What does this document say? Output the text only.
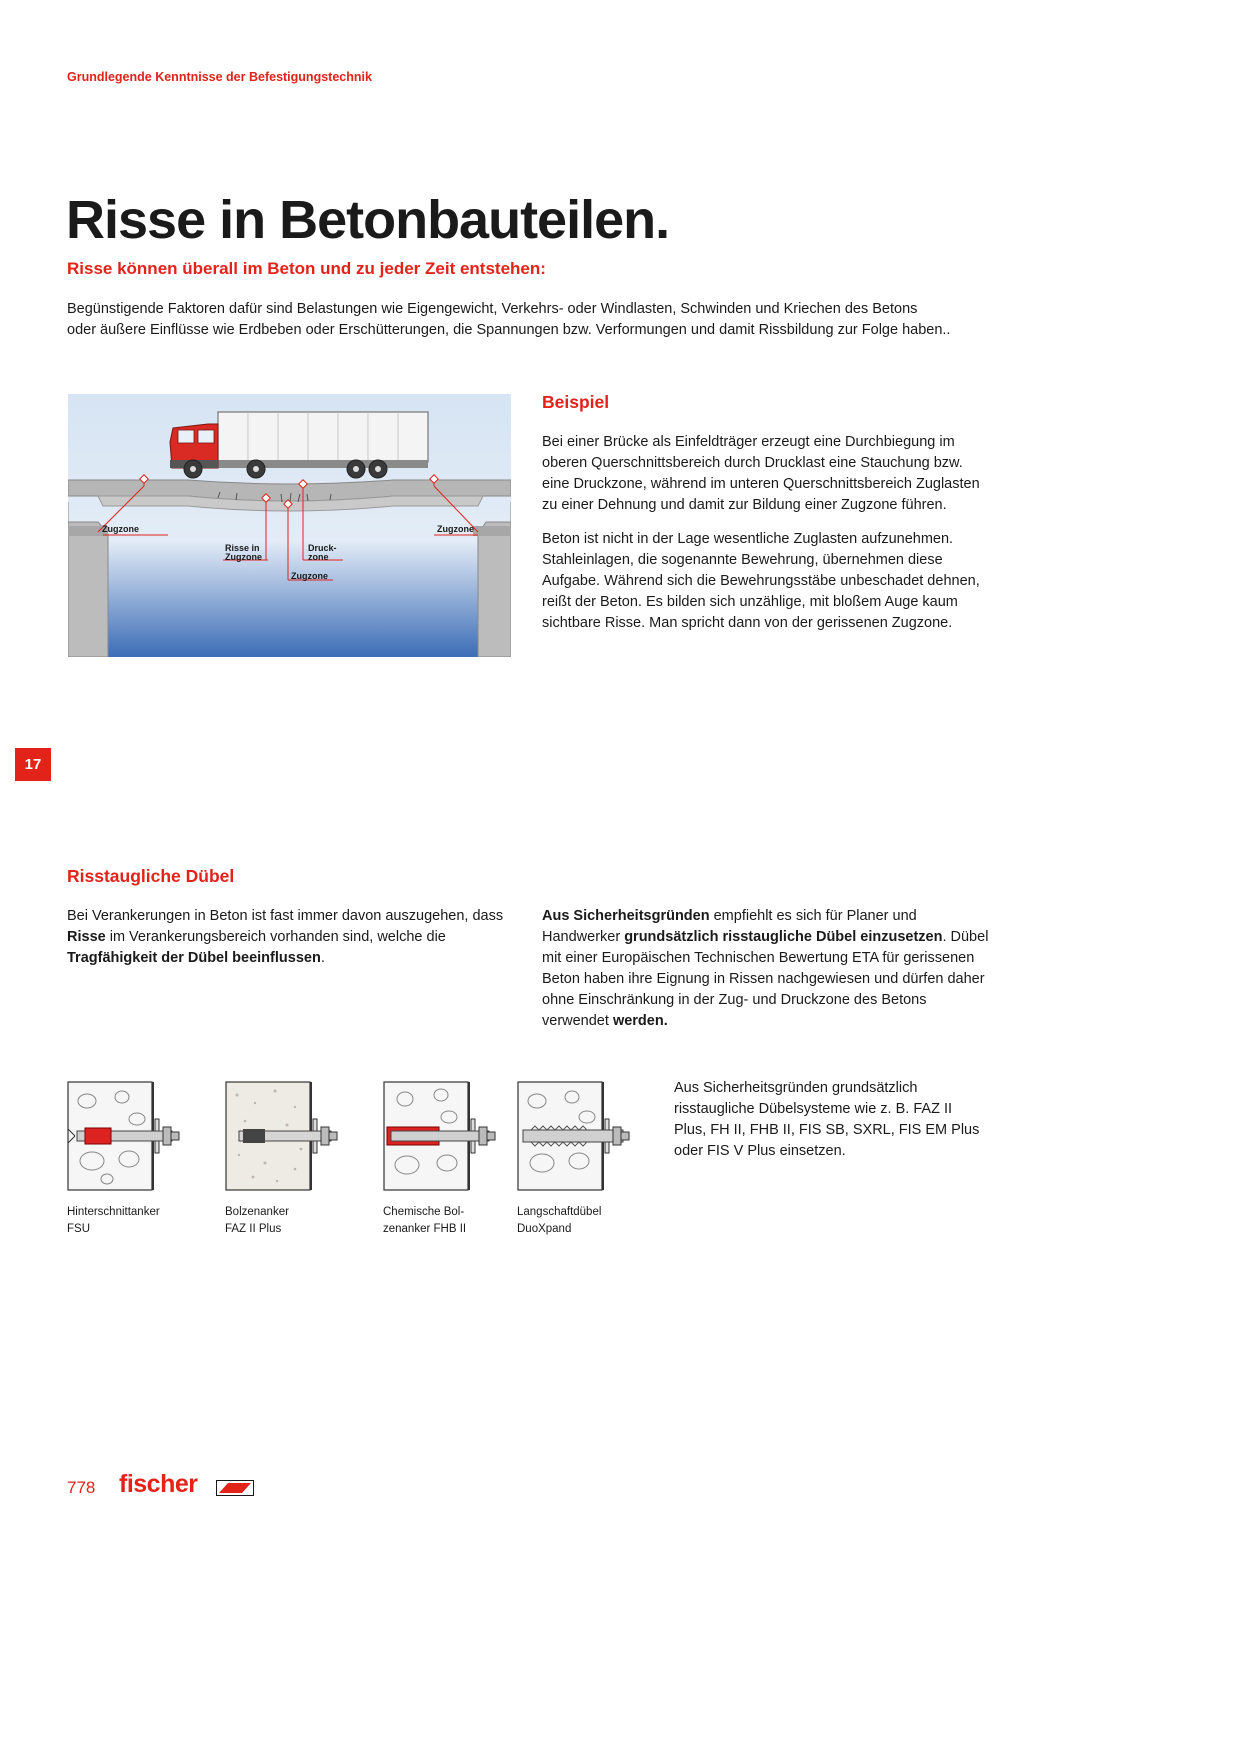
Grundlegende Kenntnisse der Befestigungstechnik
Risse in Betonbauteilen.
Risse können überall im Beton und zu jeder Zeit entstehen:
Begünstigende Faktoren dafür sind Belastungen wie Eigengewicht, Verkehrs- oder Windlasten, Schwinden und Kriechen des Betons
oder äußere Einflüsse wie Erdbeben oder Erschütterungen, die Spannungen bzw. Verformungen und damit Rissbildung zur Folge haben..
Zugzone	Zugzone
Risse in
Zugzone
Druck-
zone
Zugzone
Beispiel

Bei einer Brücke als Einfeldträger erzeugt eine Durchbiegung im oberen Querschnittsbereich durch Drucklast eine Stauchung bzw. eine Druckzone, während im unteren Querschnittsbereich Zuglasten zu einer Dehnung und damit zur Bildung einer Zugzone führen.

Beton ist nicht in der Lage wesentliche Zuglasten aufzunehmen. Stahleinlagen, die sogenannte Bewehrung, übernehmen diese Aufgabe. Während sich die Bewehrungsstäbe unbeschadet dehnen, reißt der Beton. Es bilden sich unzählige, mit bloßem Auge kaum sichtbare Risse. Man spricht dann von der gerissenen Zugzone.

17
Risstaugliche Dübel
Bei Verankerungen in Beton ist fast immer davon auszugehen, dass Risse im Verankerungsbereich vorhanden sind, welche die Tragfähigkeit der Dübel beeinflussen.
Aus Sicherheitsgründen empfiehlt es sich für Planer und Handwerker grundsätzlich risstaugliche Dübel einzusetzen. Dübel mit einer Europäischen Technischen Bewertung ETA für gerissenen Beton haben ihre Eignung in Rissen nachgewiesen und dürfen daher ohne Einschränkung in der Zug- und Druckzone des Betons verwendet werden.
Hinterschnittanker
FSU
Bolzenanker
FAZ II Plus
Chemische Bol-
zenanker FHB II
Langschaftdübel
DuoXpand
Aus Sicherheitsgründen grundsätzlich risstaugliche Dübelsysteme wie z. B. FAZ II Plus, FH II, FHB II, FIS SB, SXRL, FIS EM Plus oder FIS V Plus einsetzen.
778 fischer
